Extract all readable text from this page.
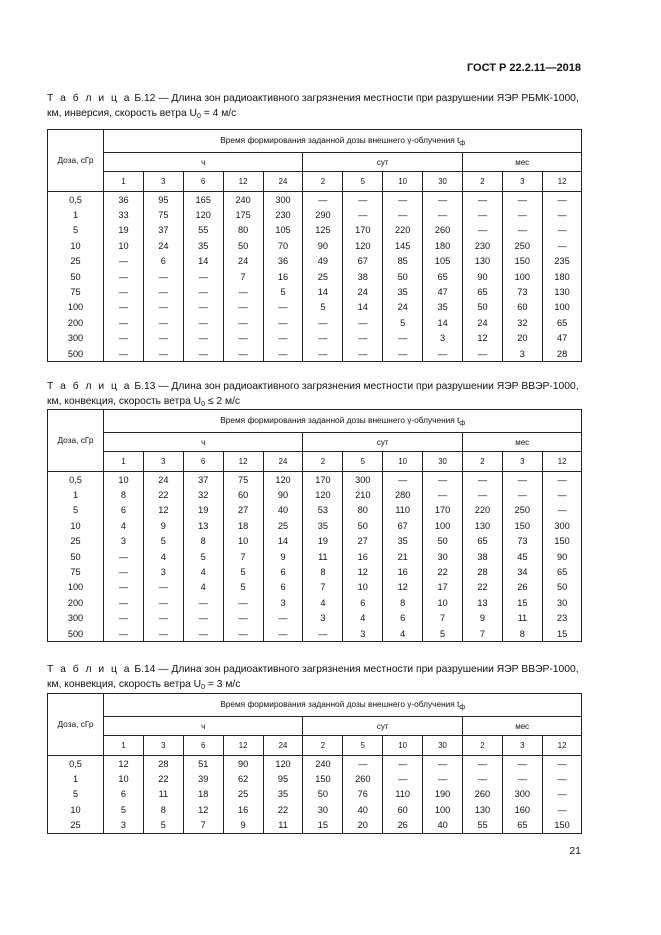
ГОСТ Р 22.2.11—2018
Т а б л и ц а Б.12 — Длина зон радиоактивного загрязнения местности при разрушении ЯЭР РБМК-1000, км, инверсия, скорость ветра $U_0 = 4$ м/с
Доза, сГр	Время формирования заданной дозы внешнего γ-облучения $t_ф$
	ч					сут				мес		
	1	3	6	12	24	2	5	10	30	2	3	12
0,5	36	95	165	240	300	—	—	—	—	—	—	—
1	33	75	120	175	230	290	—	—	—	—	—	—
5	19	37	55	80	105	125	170	220	260	—	—	—
10	10	24	35	50	70	90	120	145	180	230	250	—
25	—	6	14	24	36	49	67	85	105	130	150	235
50	—	—	—	7	16	25	38	50	65	90	100	180
75	—	—	—	—	5	14	24	35	47	65	73	130
100	—	—	—	—	—	5	14	24	35	50	60	100
200	—	—	—	—	—	—	—	5	14	24	32	65
300	—	—	—	—	—	—	—	—	3	12	20	47
500	—	—	—	—	—	—	—	—	—	—	3	28
Т а б л и ц а Б.13 — Длина зон радиоактивного загрязнения местности при разрушении ЯЭР ВВЭР-1000, км, конвекция, скорость ветра $U_0 \le 2$ м/с
Доза, сГр	Время формирования заданной дозы внешнего γ-облучения $t_ф$
	ч					сут				мес		
	1	3	6	12	24	2	5	10	30	2	3	12
0,5	10	24	37	75	120	170	300	—	—	—	—	—
1	8	22	32	60	90	120	210	280	—	—	—	—
5	6	12	19	27	40	53	80	110	170	220	250	—
10	4	9	13	18	25	35	50	67	100	130	150	300
25	3	5	8	10	14	19	27	35	50	65	73	150
50	—	4	5	7	9	11	16	21	30	38	45	90
75	—	3	4	5	6	8	12	16	22	28	34	65
100	—	—	4	5	6	7	10	12	17	22	26	50
200	—	—	—	—	3	4	6	8	10	13	15	30
300	—	—	—	—	—	3	4	6	7	9	11	23
500	—	—	—	—	—	—	3	4	5	7	8	15
Т а б л и ц а Б.14 — Длина зон радиоактивного загрязнения местности при разрушении ЯЭР ВВЭР-1000, км, конвекция, скорость ветра $U_0 = 3$ м/с
Доза, сГр	Время формирования заданной дозы внешнего γ-облучения $t_ф$
	ч					сут				мес		
	1	3	6	12	24	2	5	10	30	2	3	12
0,5	12	28	51	90	120	240	—	—	—	—	—	—
1	10	22	39	62	95	150	260	—	—	—	—	—
5	6	11	18	25	35	50	76	110	190	260	300	—
10	5	8	12	16	22	30	40	60	100	130	160	—
25	3	5	7	9	11	15	20	26	40	55	65	150
21
